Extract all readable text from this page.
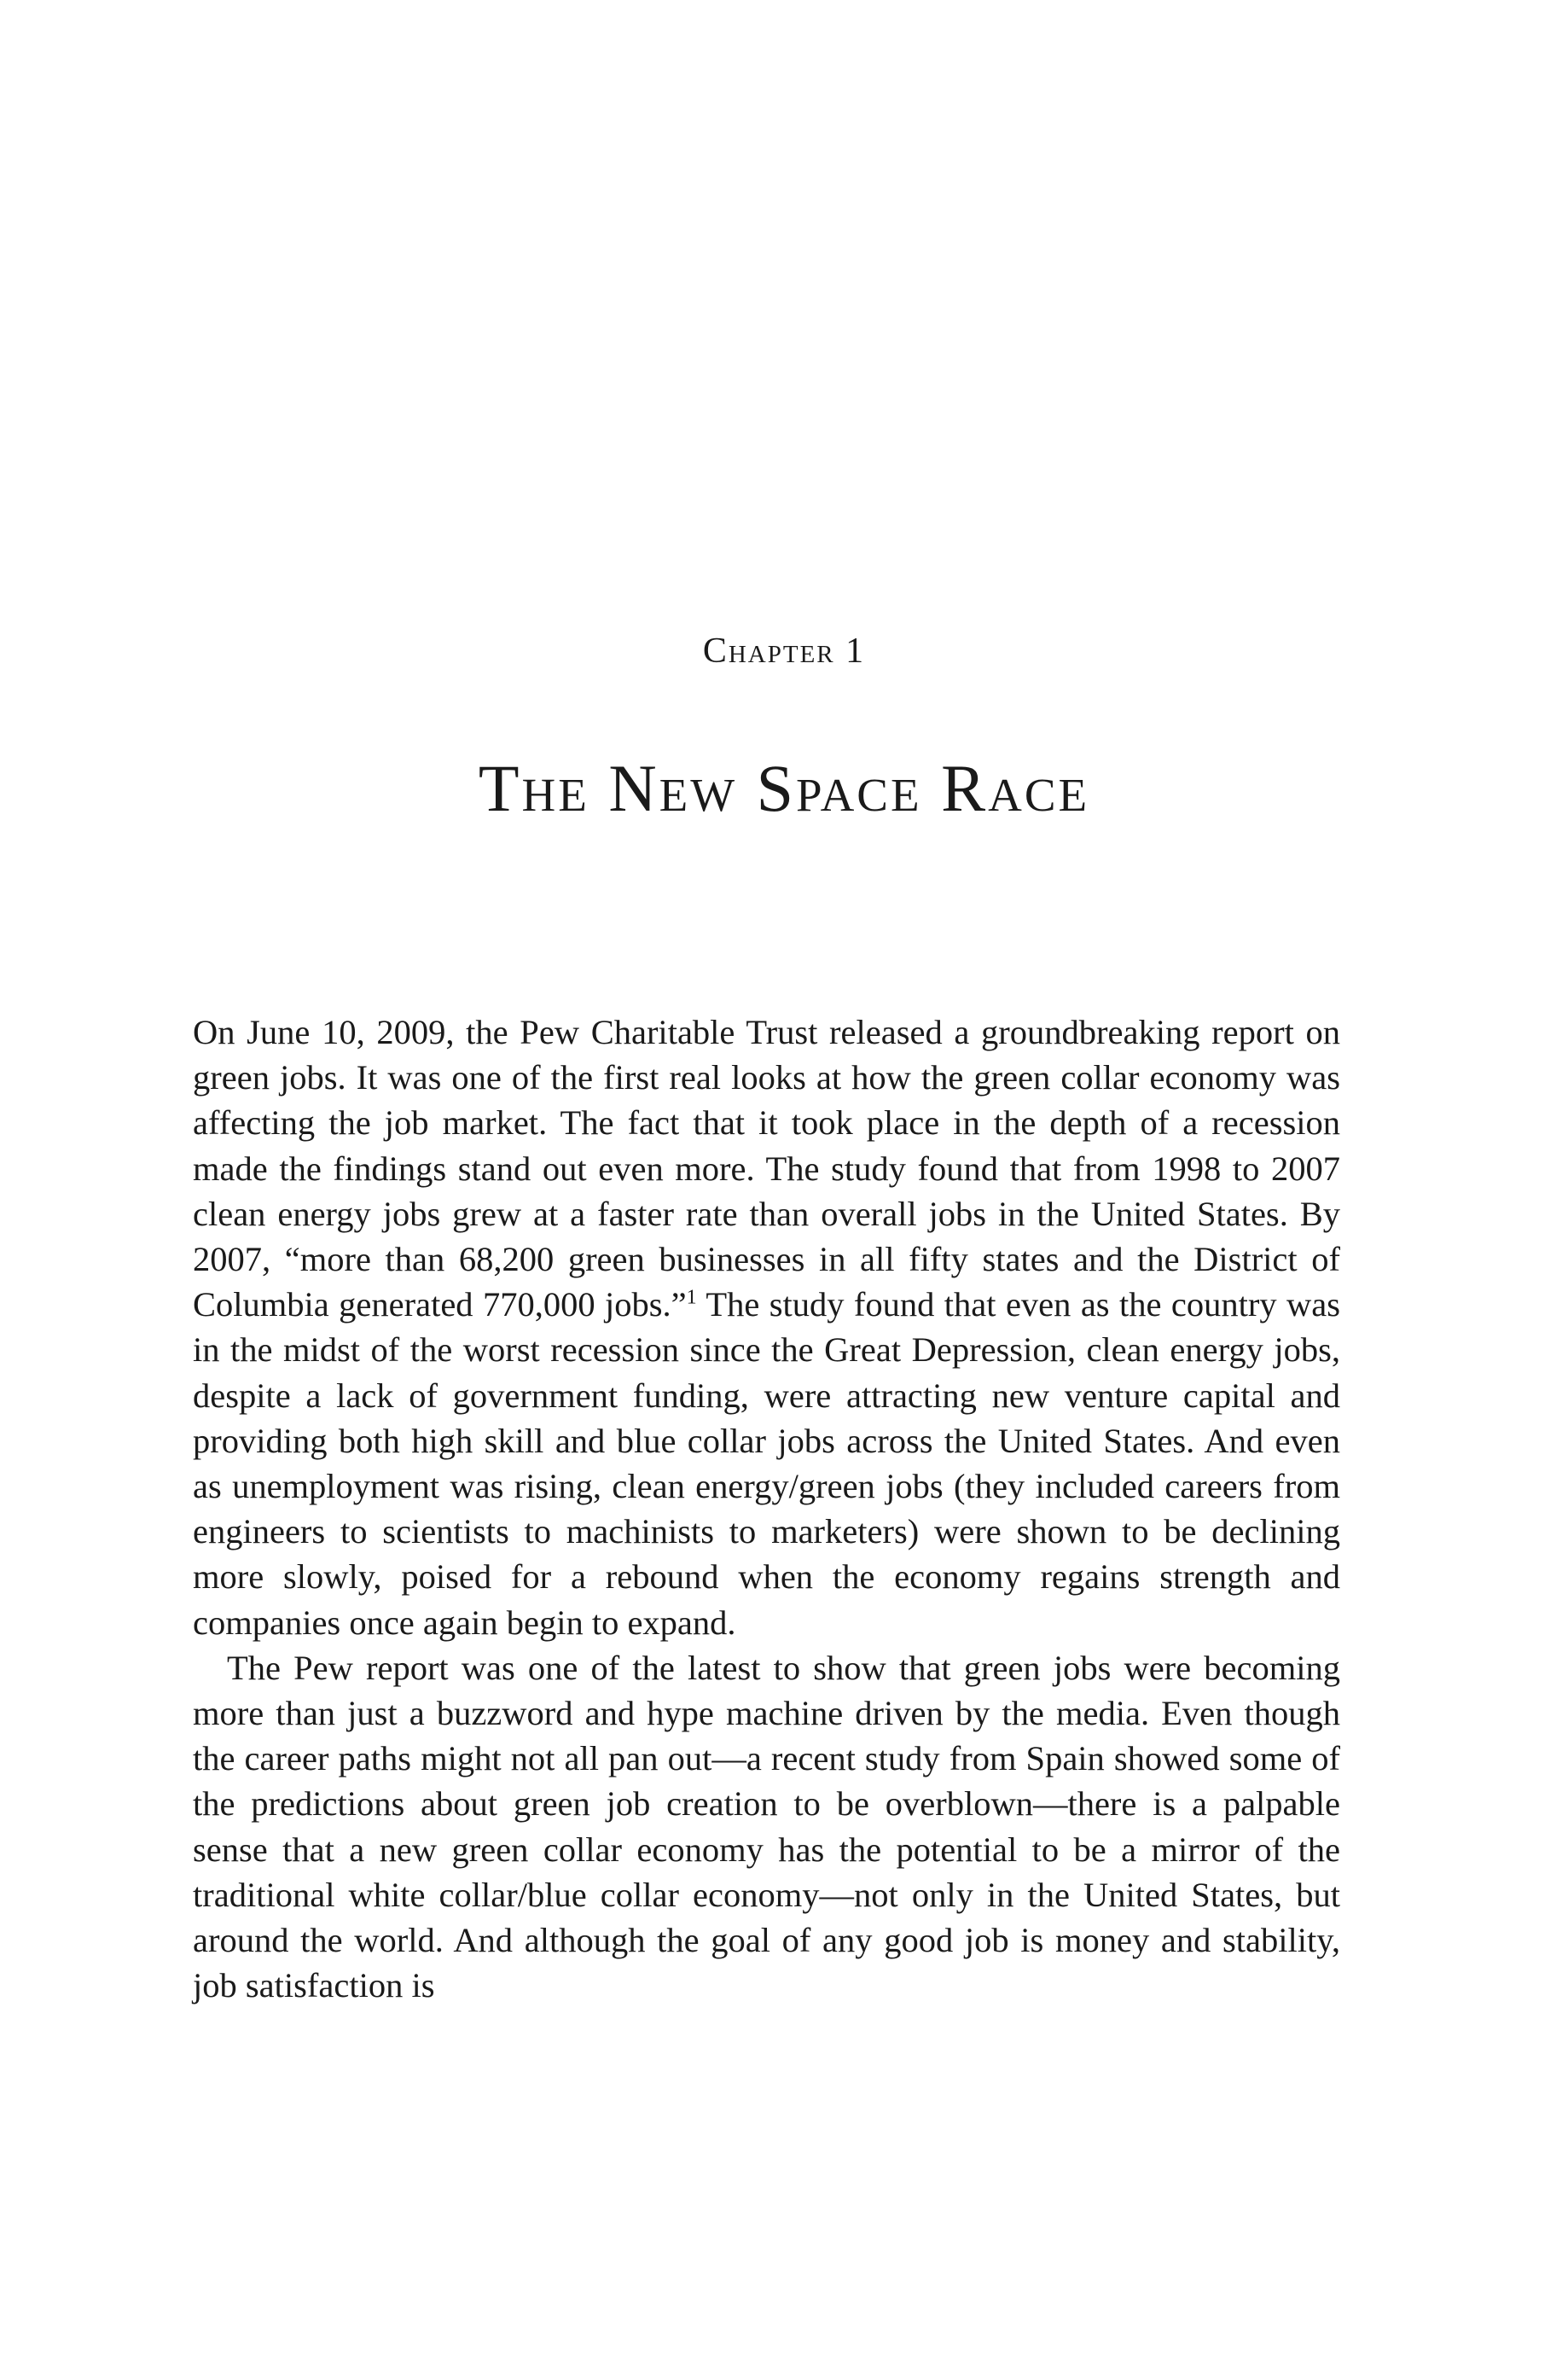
Chapter 1
The New Space Race

On June 10, 2009, the Pew Charitable Trust released a groundbreaking report on green jobs. It was one of the first real looks at how the green collar economy was affecting the job market. The fact that it took place in the depth of a recession made the findings stand out even more. The study found that from 1998 to 2007 clean energy jobs grew at a faster rate than overall jobs in the United States. By 2007, “more than 68,200 green businesses in all fifty states and the District of Columbia generated 770,000 jobs.”$^1$ The study found that even as the country was in the midst of the worst recession since the Great Depression, clean energy jobs, despite a lack of government funding, were attracting new venture capital and providing both high skill and blue collar jobs across the United States. And even as unemployment was rising, clean energy/green jobs (they included careers from engineers to scientists to machinists to marketers) were shown to be declining more slowly, poised for a rebound when the economy regains strength and companies once again begin to expand.

The Pew report was one of the latest to show that green jobs were becoming more than just a buzzword and hype machine driven by the media. Even though the career paths might not all pan out—a recent study from Spain showed some of the predictions about green job creation to be overblown—there is a palpable sense that a new green collar economy has the potential to be a mirror of the traditional white collar/blue collar economy—not only in the United States, but around the world. And although the goal of any good job is money and stability, job satisfaction is
